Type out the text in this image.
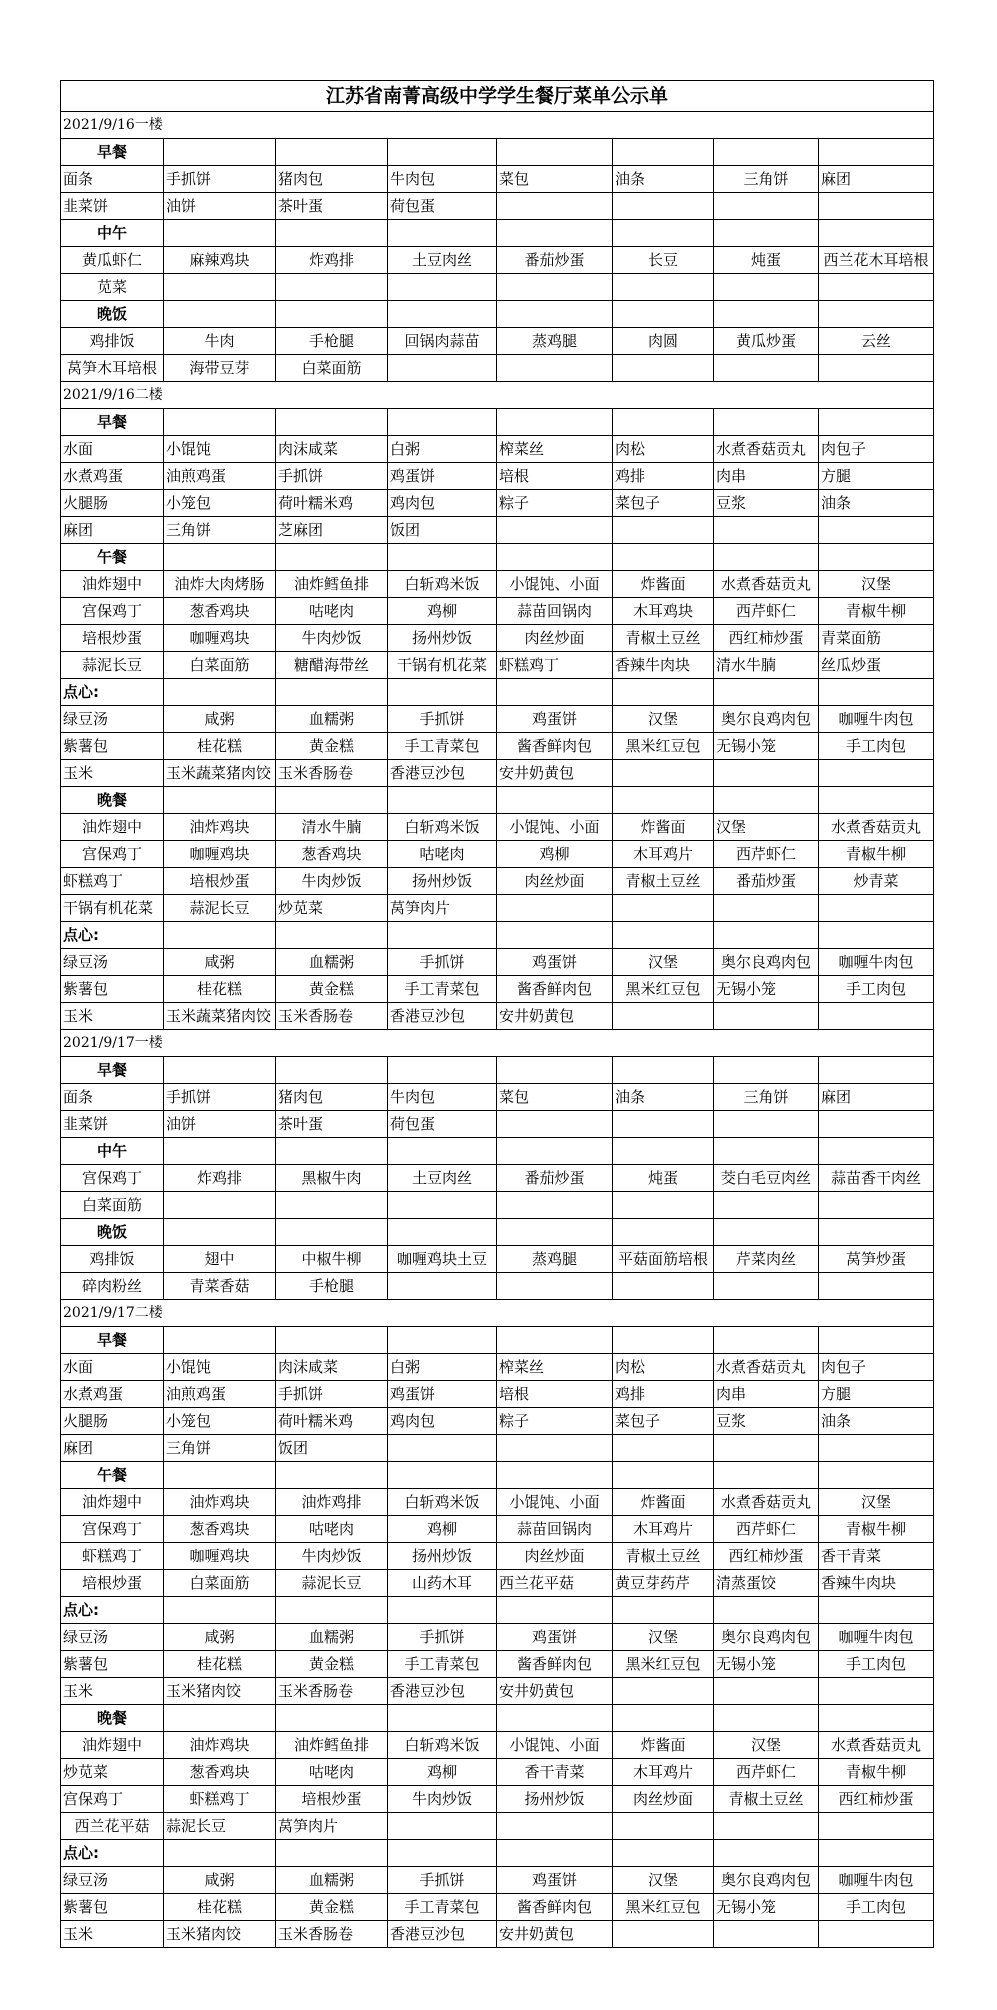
江苏省南菁高级中学学生餐厅菜单公示单							
2021/9/16一楼							
早餐							
面条	手抓饼	猪肉包	牛肉包	菜包	油条	三角饼	麻团
韭菜饼	油饼	茶叶蛋	荷包蛋				
中午							
黄瓜虾仁	麻辣鸡块	炸鸡排	土豆肉丝	番茄炒蛋	长豆	炖蛋	西兰花木耳培根
苋菜							
晚饭							
鸡排饭	牛肉	手枪腿	回锅肉蒜苗	蒸鸡腿	肉圆	黄瓜炒蛋	云丝
莴笋木耳培根	海带豆芽	白菜面筋					
2021/9/16二楼							
早餐							
水面	小馄饨	肉沫咸菜	白粥	榨菜丝	肉松	水煮香菇贡丸	肉包子
水煮鸡蛋	油煎鸡蛋	手抓饼	鸡蛋饼	培根	鸡排	肉串	方腿
火腿肠	小笼包	荷叶糯米鸡	鸡肉包	粽子	菜包子	豆浆	油条
麻团	三角饼	芝麻团	饭团				
午餐							
油炸翅中	油炸大肉烤肠	油炸鳕鱼排	白斩鸡米饭	小馄饨、小面	炸酱面	水煮香菇贡丸	汉堡
宫保鸡丁	葱香鸡块	咕咾肉	鸡柳	蒜苗回锅肉	木耳鸡块	西芹虾仁	青椒牛柳
培根炒蛋	咖喱鸡块	牛肉炒饭	扬州炒饭	肉丝炒面	青椒土豆丝	西红柿炒蛋	青菜面筋
蒜泥长豆	白菜面筋	糖醋海带丝	干锅有机花菜	虾糕鸡丁	香辣牛肉块	清水牛腩	丝瓜炒蛋
点心:							
绿豆汤	咸粥	血糯粥	手抓饼	鸡蛋饼	汉堡	奥尔良鸡肉包	咖喱牛肉包
紫薯包	桂花糕	黄金糕	手工青菜包	酱香鲜肉包	黑米红豆包	无锡小笼	手工肉包
玉米	玉米蔬菜猪肉饺	玉米香肠卷	香港豆沙包	安井奶黄包			
晚餐							
油炸翅中	油炸鸡块	清水牛腩	白斩鸡米饭	小馄饨、小面	炸酱面	汉堡	水煮香菇贡丸
宫保鸡丁	咖喱鸡块	葱香鸡块	咕咾肉	鸡柳	木耳鸡片	西芹虾仁	青椒牛柳
虾糕鸡丁	培根炒蛋	牛肉炒饭	扬州炒饭	肉丝炒面	青椒土豆丝	番茄炒蛋	炒青菜
干锅有机花菜	蒜泥长豆	炒苋菜	莴笋肉片				
点心:							
绿豆汤	咸粥	血糯粥	手抓饼	鸡蛋饼	汉堡	奥尔良鸡肉包	咖喱牛肉包
紫薯包	桂花糕	黄金糕	手工青菜包	酱香鲜肉包	黑米红豆包	无锡小笼	手工肉包
玉米	玉米蔬菜猪肉饺	玉米香肠卷	香港豆沙包	安井奶黄包			
2021/9/17一楼							
早餐							
面条	手抓饼	猪肉包	牛肉包	菜包	油条	三角饼	麻团
韭菜饼	油饼	茶叶蛋	荷包蛋				
中午							
宫保鸡丁	炸鸡排	黑椒牛肉	土豆肉丝	番茄炒蛋	炖蛋	茭白毛豆肉丝	蒜苗香干肉丝
白菜面筋							
晚饭							
鸡排饭	翅中	中椒牛柳	咖喱鸡块土豆	蒸鸡腿	平菇面筋培根	芹菜肉丝	莴笋炒蛋
碎肉粉丝	青菜香菇	手枪腿					
2021/9/17二楼							
早餐							
水面	小馄饨	肉沫咸菜	白粥	榨菜丝	肉松	水煮香菇贡丸	肉包子
水煮鸡蛋	油煎鸡蛋	手抓饼	鸡蛋饼	培根	鸡排	肉串	方腿
火腿肠	小笼包	荷叶糯米鸡	鸡肉包	粽子	菜包子	豆浆	油条
麻团	三角饼	饭团					
午餐							
油炸翅中	油炸鸡块	油炸鸡排	白斩鸡米饭	小馄饨、小面	炸酱面	水煮香菇贡丸	汉堡
宫保鸡丁	葱香鸡块	咕咾肉	鸡柳	蒜苗回锅肉	木耳鸡片	西芹虾仁	青椒牛柳
虾糕鸡丁	咖喱鸡块	牛肉炒饭	扬州炒饭	肉丝炒面	青椒土豆丝	西红柿炒蛋	香干青菜
培根炒蛋	白菜面筋	蒜泥长豆	山药木耳	西兰花平菇	黄豆芽药芹	清蒸蛋饺	香辣牛肉块
点心:							
绿豆汤	咸粥	血糯粥	手抓饼	鸡蛋饼	汉堡	奥尔良鸡肉包	咖喱牛肉包
紫薯包	桂花糕	黄金糕	手工青菜包	酱香鲜肉包	黑米红豆包	无锡小笼	手工肉包
玉米	玉米猪肉饺	玉米香肠卷	香港豆沙包	安井奶黄包			
晚餐							
油炸翅中	油炸鸡块	油炸鳕鱼排	白斩鸡米饭	小馄饨、小面	炸酱面	汉堡	水煮香菇贡丸
炒苋菜	葱香鸡块	咕咾肉	鸡柳	香干青菜	木耳鸡片	西芹虾仁	青椒牛柳
宫保鸡丁	虾糕鸡丁	培根炒蛋	牛肉炒饭	扬州炒饭	肉丝炒面	青椒土豆丝	西红柿炒蛋
西兰花平菇	蒜泥长豆	莴笋肉片					
点心:							
绿豆汤	咸粥	血糯粥	手抓饼	鸡蛋饼	汉堡	奥尔良鸡肉包	咖喱牛肉包
紫薯包	桂花糕	黄金糕	手工青菜包	酱香鲜肉包	黑米红豆包	无锡小笼	手工肉包
玉米	玉米猪肉饺	玉米香肠卷	香港豆沙包	安井奶黄包			
